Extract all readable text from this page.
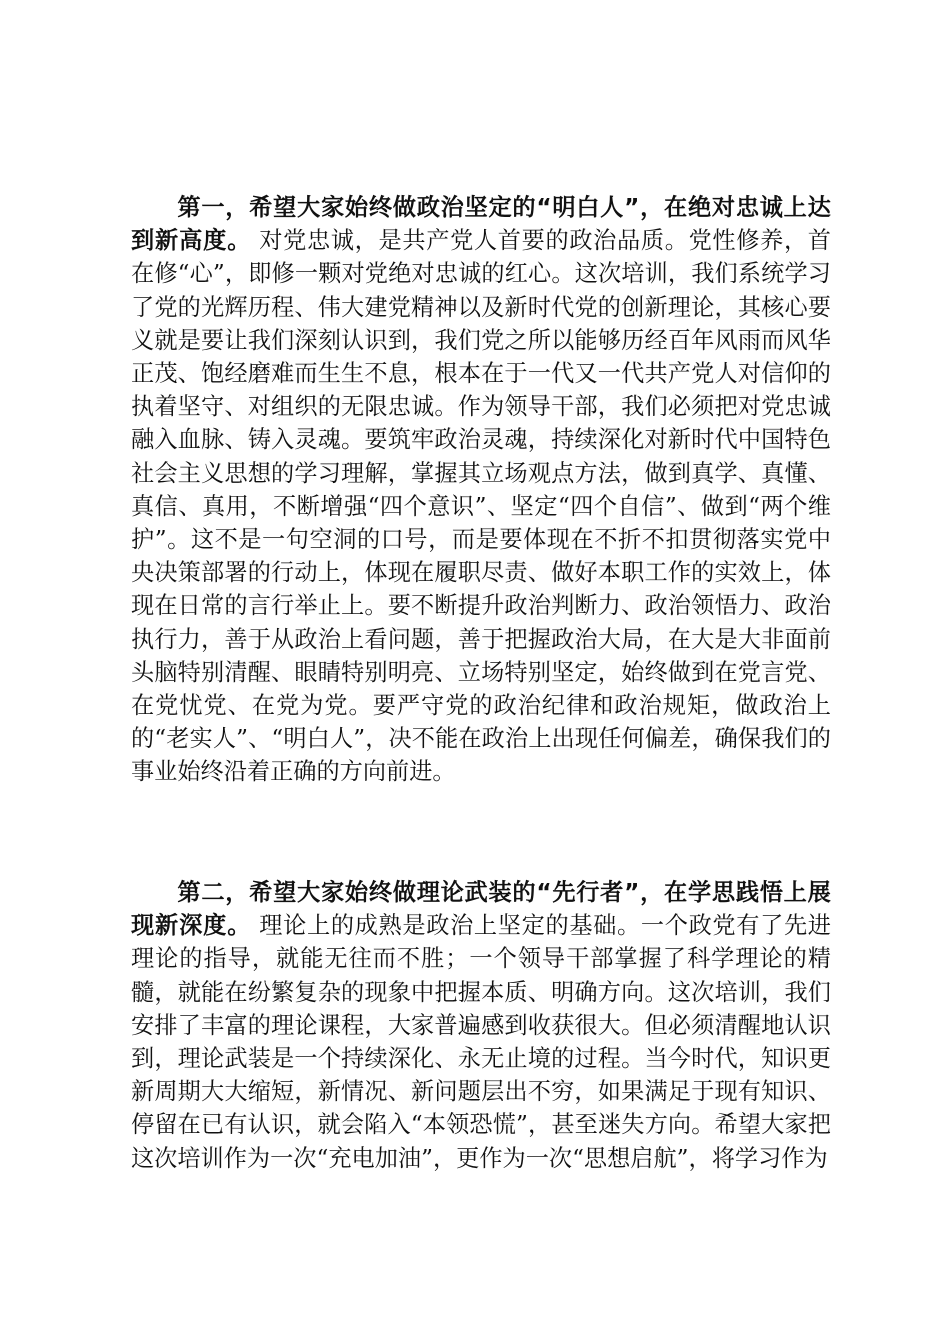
第一，希望大家始终做政治坚定的“明白人”，在绝对忠诚上达到新高度。 对党忠诚，是共产党人首要的政治品质。党性修养，首在修“心”，即修一颗对党绝对忠诚的红心。这次培训，我们系统学习了党的光辉历程、伟大建党精神以及新时代党的创新理论，其核心要义就是要让我们深刻认识到，我们党之所以能够历经百年风雨而风华正茂、饱经磨难而生生不息，根本在于一代又一代共产党人对信仰的执着坚守、对组织的无限忠诚。作为领导干部，我们必须把对党忠诚融入血脉、铸入灵魂。要筑牢政治灵魂，持续深化对新时代中国特色社会主义思想的学习理解，掌握其立场观点方法，做到真学、真懂、真信、真用，不断增强“四个意识”、坚定“四个自信”、做到“两个维护”。这不是一句空洞的口号，而是要体现在不折不扣贯彻落实党中央决策部署的行动上，体现在履职尽责、做好本职工作的实效上，体现在日常的言行举止上。要不断提升政治判断力、政治领悟力、政治执行力，善于从政治上看问题，善于把握政治大局，在大是大非面前头脑特别清醒、眼睛特别明亮、立场特别坚定，始终做到在党言党、在党忧党、在党为党。要严守党的政治纪律和政治规矩，做政治上的“老实人”、“明白人”，决不能在政治上出现任何偏差，确保我们的事业始终沿着正确的方向前进。

第二，希望大家始终做理论武装的“先行者”，在学思践悟上展现新深度。 理论上的成熟是政治上坚定的基础。一个政党有了先进理论的指导，就能无往而不胜；一个领导干部掌握了科学理论的精髓，就能在纷繁复杂的现象中把握本质、明确方向。这次培训，我们安排了丰富的理论课程，大家普遍感到收获很大。但必须清醒地认识到，理论武装是一个持续深化、永无止境的过程。当今时代，知识更新周期大大缩短，新情况、新问题层出不穷，如果满足于现有知识、停留在已有认识，就会陷入“本领恐慌”，甚至迷失方向。希望大家把这次培训作为一次“充电加油”，更作为一次“思想启航”，将学习作为
